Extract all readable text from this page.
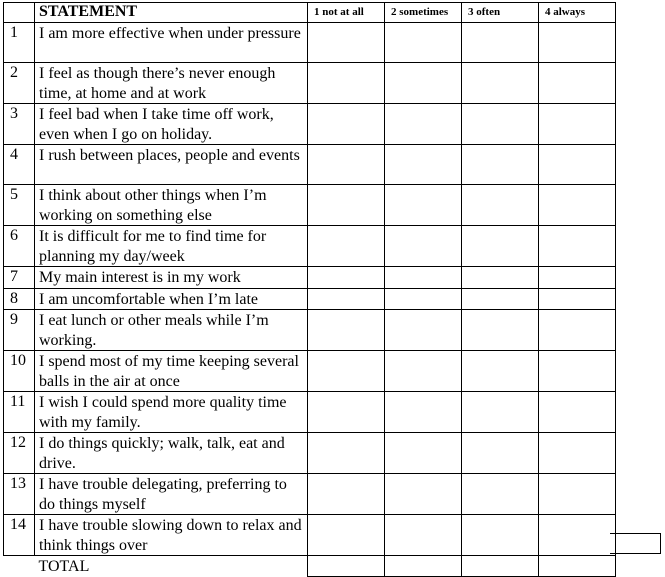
	STATEMENT	1 not at all	2 sometimes	3 often	4 always
1	I am more effective when under pressure				
2	I feel as though there’s never enough time, at home and at work				
3	I feel bad when I take time off work, even when I go on holiday.				
4	I rush between places, people and events				
5	I think about other things when I’m working on something else				
6	It is difficult for me to find time for planning my day/week				
7	My main interest is in my work				
8	I am uncomfortable when I’m late				
9	I eat lunch or other meals while I’m working.				
10	I spend most of my time keeping several balls in the air at once				
11	I wish I could spend more quality time with my family.				
12	I do things quickly; walk, talk, eat and drive.				
13	I have trouble delegating, preferring to do things myself				
14	I have trouble slowing down to relax and think things over				
	TOTAL				
